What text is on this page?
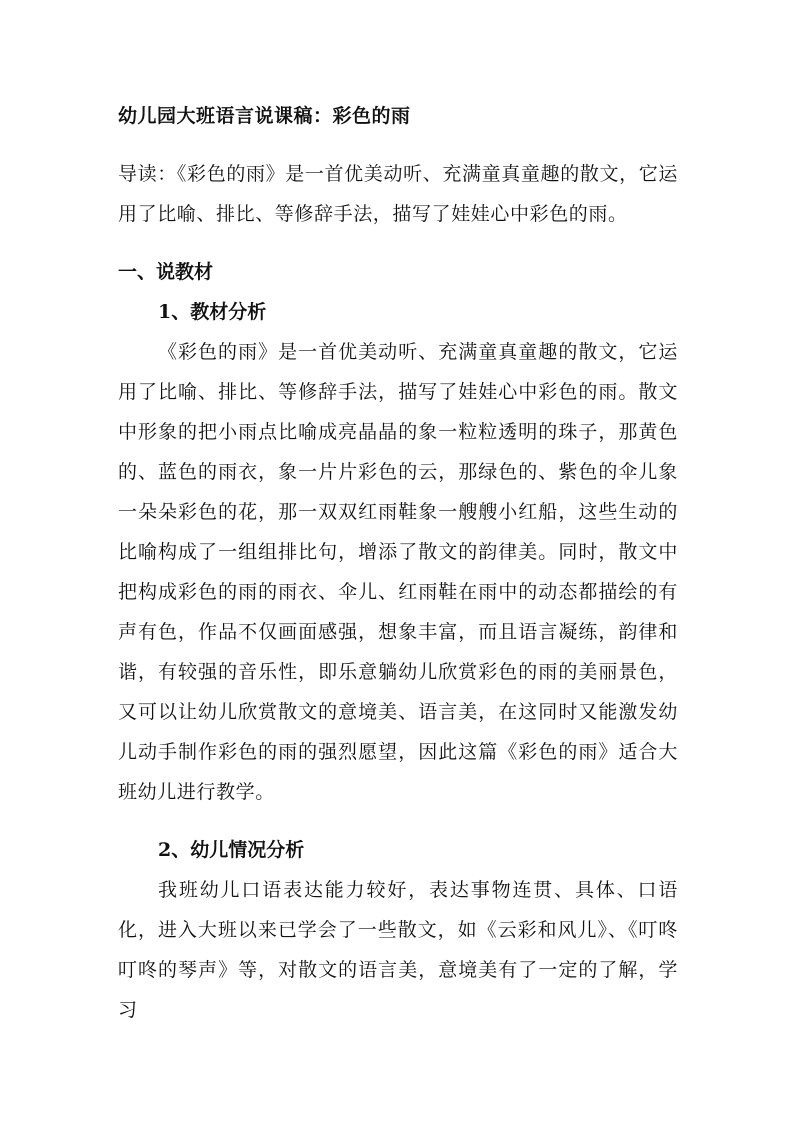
幼儿园大班语言说课稿：彩色的雨

导读：《彩色的雨》是一首优美动听、充满童真童趣的散文，它运用了比喻、排比、等修辞手法，描写了娃娃心中彩色的雨。

一、说教材

1、教材分析

《彩色的雨》是一首优美动听、充满童真童趣的散文，它运用了比喻、排比、等修辞手法，描写了娃娃心中彩色的雨。散文中形象的把小雨点比喻成亮晶晶的象一粒粒透明的珠子，那黄色的、蓝色的雨衣，象一片片彩色的云，那绿色的、紫色的伞儿象一朵朵彩色的花，那一双双红雨鞋象一艘艘小红船，这些生动的比喻构成了一组组排比句，增添了散文的韵律美。同时，散文中把构成彩色的雨的雨衣、伞儿、红雨鞋在雨中的动态都描绘的有声有色，作品不仅画面感强，想象丰富，而且语言凝练，韵律和谐，有较强的音乐性，即乐意躺幼儿欣赏彩色的雨的美丽景色，又可以让幼儿欣赏散文的意境美、语言美，在这同时又能激发幼儿动手制作彩色的雨的强烈愿望，因此这篇《彩色的雨》适合大班幼儿进行教学。

2、幼儿情况分析

我班幼儿口语表达能力较好，表达事物连贯、具体、口语化，进入大班以来已学会了一些散文，如《云彩和风儿》、《叮咚叮咚的琴声》等，对散文的语言美，意境美有了一定的了解，学习
